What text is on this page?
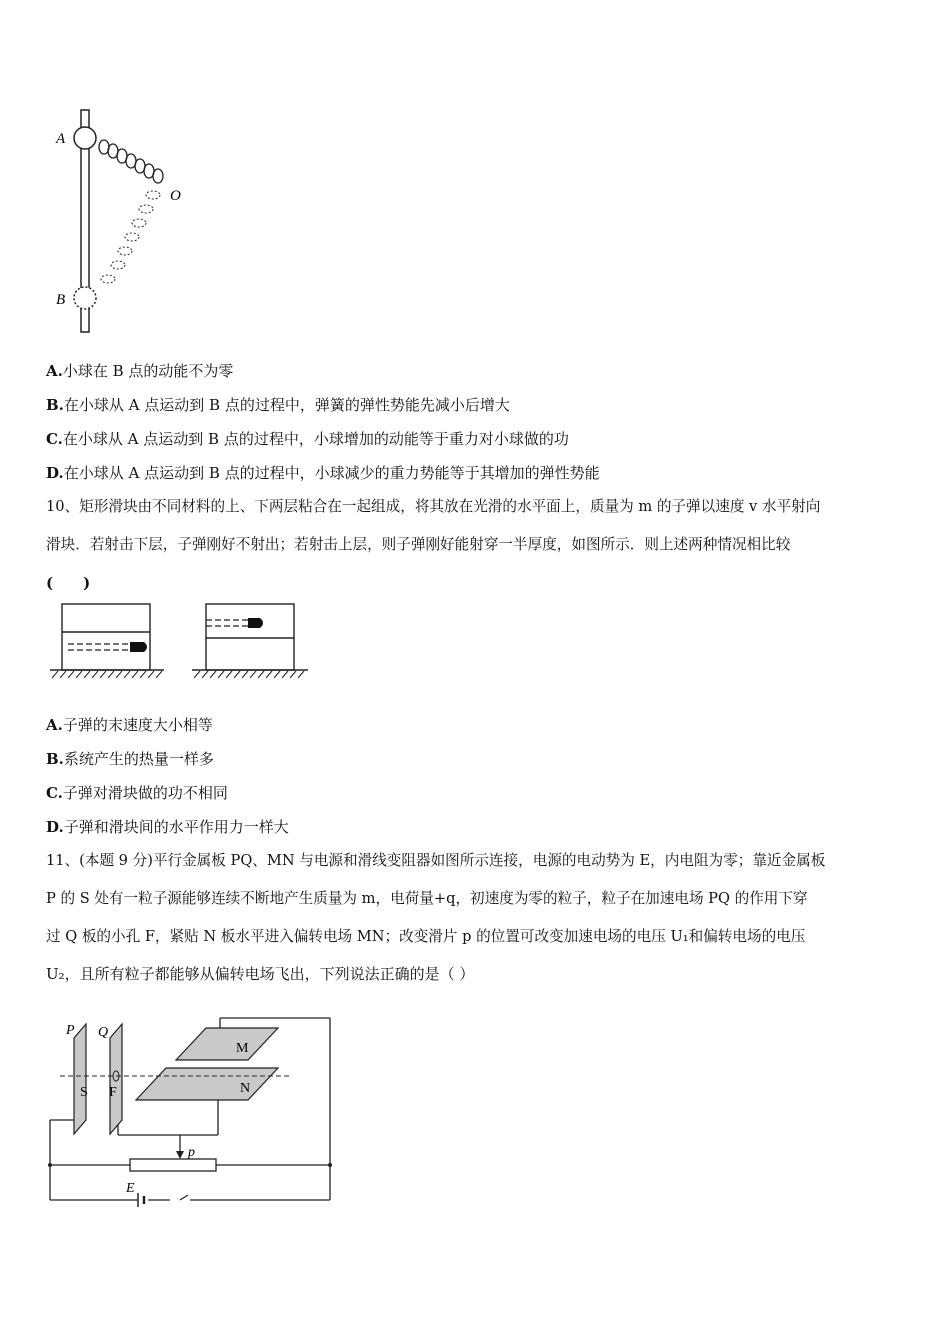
A
O
B
A.小球在 B 点的动能不为零
B.在小球从 A 点运动到 B 点的过程中，弹簧的弹性势能先减小后增大
C.在小球从 A 点运动到 B 点的过程中，小球增加的动能等于重力对小球做的功
D.在小球从 A 点运动到 B 点的过程中，小球减少的重力势能等于其增加的弹性势能
10、矩形滑块由不同材料的上、下两层粘合在一起组成，将其放在光滑的水平面上，质量为 m 的子弹以速度 v 水平射向
滑块．若射击下层，子弹刚好不射出；若射击上层，则子弹刚好能射穿一半厚度，如图所示．则上述两种情况相比较
(　　)
A.子弹的末速度大小相等
B.系统产生的热量一样多
C.子弹对滑块做的功不相同
D.子弹和滑块间的水平作用力一样大
11、(本题 9 分)平行金属板 PQ、MN 与电源和滑线变阻器如图所示连接，电源的电动势为 E，内电阻为零；靠近金属板
P 的 S 处有一粒子源能够连续不断地产生质量为 m，电荷量+q，初速度为零的粒子，粒子在加速电场 PQ 的作用下穿
过 Q 板的小孔 F，紧贴 N 板水平进入偏转电场 MN；改变滑片 p 的位置可改变加速电场的电压 U₁和偏转电场的电压
U₂，且所有粒子都能够从偏转电场飞出，下列说法正确的是（ ）
P Q
S F
M
N
p
E
